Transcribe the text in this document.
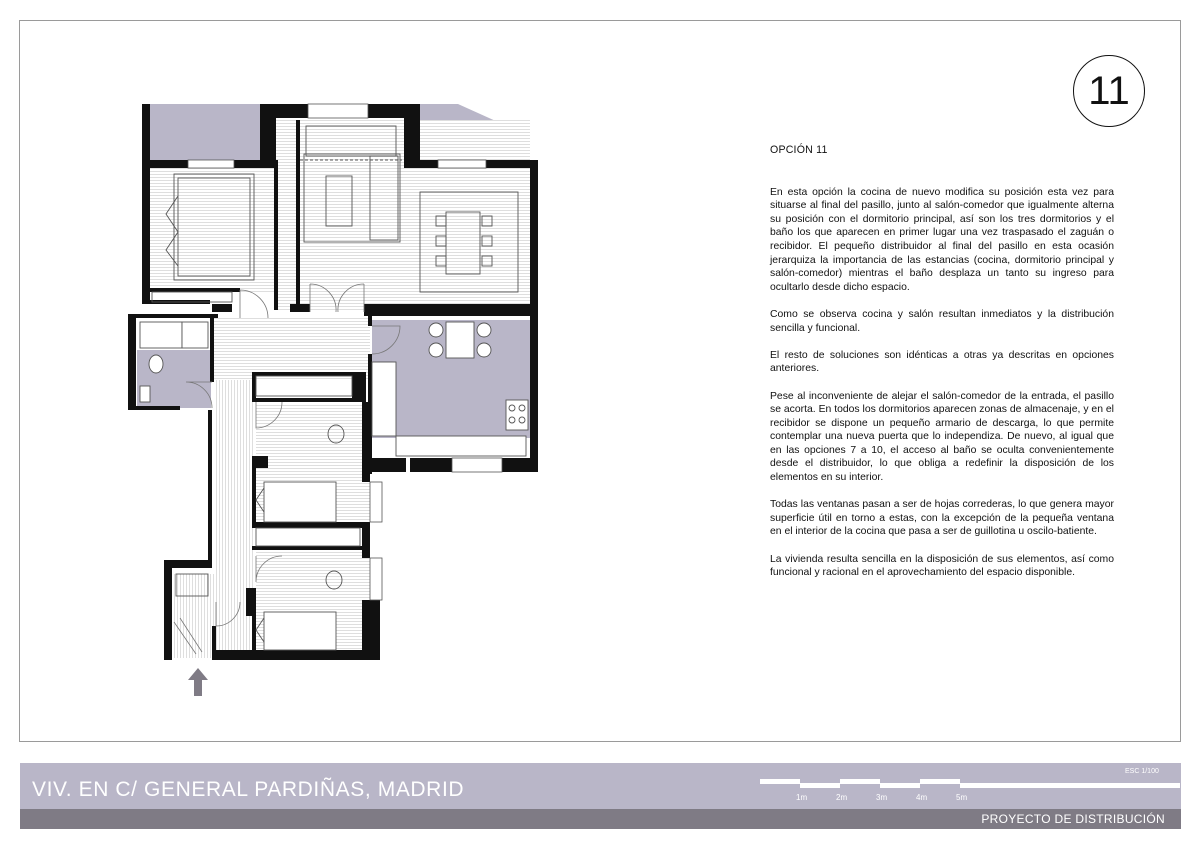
11
OPCIÓN 11

En esta opción la cocina de nuevo modifica su posición esta vez para situarse al final del pasillo, junto al salón-comedor que igualmente alterna su posición con el dormitorio principal, así son los tres dormitorios y el baño los que aparecen en primer lugar una vez traspasado el zaguán o recibidor. El pequeño distribuidor al final del pasillo en esta ocasión jerarquiza la importancia de las estancias (cocina, dormitorio principal y salón-comedor) mientras el baño desplaza un tanto su ingreso para ocultarlo desde dicho espacio.

Como se observa cocina y salón resultan inmediatos y la distribución sencilla y funcional.

El resto de soluciones son idénticas a otras ya descritas en opciones anteriores.

Pese al inconveniente de alejar el salón-comedor de la entrada, el pasillo se acorta. En todos los dormitorios aparecen zonas de almacenaje, y en el recibidor se dispone un pequeño armario de descarga, lo que permite contemplar una nueva puerta que lo independiza. De nuevo, al igual que en las opciones 7 a 10, el acceso al baño se oculta convenientemente desde el distribuidor, lo que obliga a redefinir la disposición de los elementos en su interior.

Todas las ventanas pasan a ser de hojas correderas, lo que genera mayor superficie útil en torno a estas, con la excepción de la pequeña ventana en el interior de la cocina que pasa a ser de guillotina u oscilo-batiente.

La vivienda resulta sencilla en la disposición de sus elementos, así como funcional y racional en el aprovechamiento del espacio disponible.

VIV. EN C/ GENERAL PARDIÑAS, MADRID
ESC 1/100
1m	2m	3m	4m	5m
PROYECTO DE DISTRIBUCIÓN
